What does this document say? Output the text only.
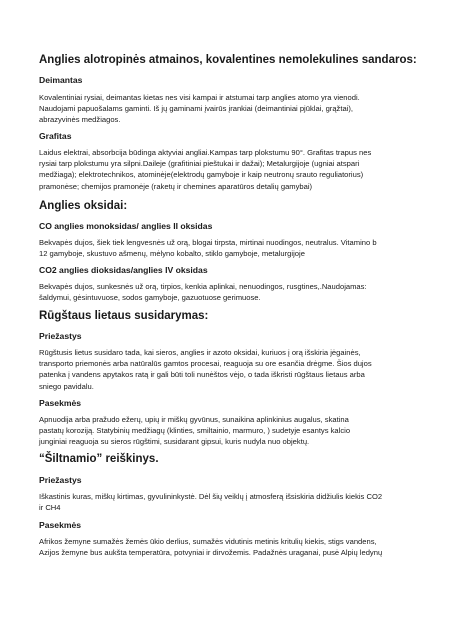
Anglies alotropinės atmainos, kovalentines nemolekulines sandaros:
Deimantas
Kovalentiniai rysiai, deimantas kietas nes visi kampai ir atstumai tarp anglies atomo yra vienodi.
Naudojami papuošalams gaminti. Iš jų gaminami įvairūs įrankiai (deimantiniai pjūklai, grąžtai),
abrazyvinės medžiagos.
Grafitas
Laidus elektrai, absorbcija būdinga aktyviai angliai.Kampas tarp plokstumu 90°. Grafitas trapus nes
rysiai tarp plokstumu yra silpni.Daileje (grafitiniai pieštukai ir dažai); Metalurgijoje (ugniai atspari
medžiaga); elektrotechnikos, atominėje(elektrodų gamyboje ir kaip neutronų srauto reguliatorius)
pramonėse; chemijos pramonėje (raketų ir chemines aparatūros detalių gamybai)
Anglies oksidai:
CO anglies monoksidas/ anglies II oksidas
Bekvapės dujos, šiek tiek lengvesnės už orą, blogai tirpsta, mirtinai nuodingos, neutralus. Vitamino b
12 gamyboje, skustuvo ašmenų, mėlyno kobalto, stiklo gamyboje, metalurgijoje
CO2 anglies dioksidas/anglies IV oksidas
Bekvapės dujos, sunkesnės už orą, tirpios, kenkia aplinkai, nenuodingos, rusgtines,.Naudojamas:
šaldymui, gėsintuvuose, sodos gamyboje, gazuotuose gerimuose.
Rūgštaus lietaus susidarymas:
Priežastys
Rūgštusis lietus susidaro tada, kai sieros, anglies ir azoto oksidai, kuriuos į orą išskiria jėgainės,
transporto priemonės arba natūralūs gamtos procesai, reaguoja su ore esančia drėgme. Šios dujos
patenka į vandens apytakos ratą ir gali būti toli nunėštos vėjo, o tada iškristi rūgštaus lietaus arba
sniego pavidalu.
Pasekmės
Apnuodija arba pražudo ežerų, upių ir miškų gyvūnus, sunaikina aplinkinius augalus, skatina
pastatų koroziją. Statybinių medžiagų (klinties, smiltainio, marmuro, ) sudetyje esantys kalcio
junginiai reaguoja su sieros rūgštimi, susidarant gipsui, kuris nudyla nuo objektų.
“Šiltnamio” reiškinys.
Priežastys
Iškastinis kuras, miškų kirtimas, gyvulininkystė. Dėl šių veiklų į atmosferą išsiskiria didžiulis kiekis CO2
ir CH4
Pasekmės
Afrikos žemyne sumažės žemės ūkio derlius, sumažės vidutinis metinis kritulių kiekis, stigs vandens,
Azijos žemyne bus aukšta temperatūra, potvyniai ir dirvožemis. Padažnės uraganai, pusė Alpių ledynų
